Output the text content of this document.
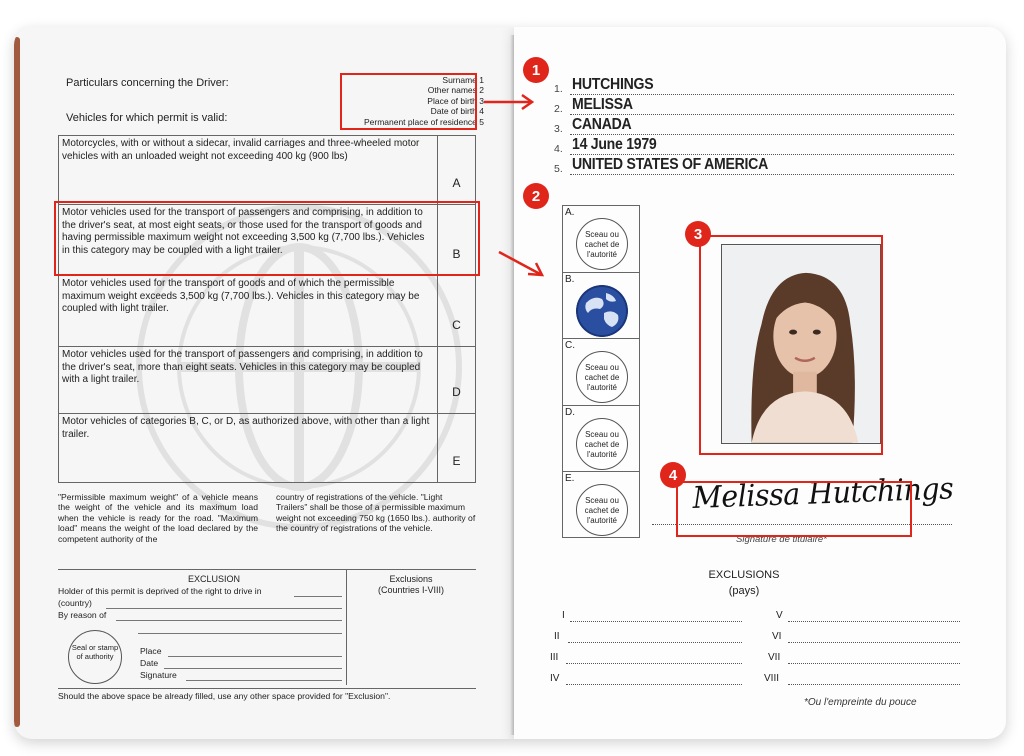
Particulars concerning the Driver:
Vehicles for which permit is valid:
Surname 1
Other names 2
Place of birth 3
Date of birth 4
Permanent place of residence 5
Motorcycles, with or without a sidecar, invalid carriages and three-wheeled motor vehicles with an unloaded weight not exceeding 400 kg (900 lbs)
A
Motor vehicles used for the transport of passengers and comprising, in addition to the driver's seat, at most eight seats, or those used for the transport of goods and having permissible maximum weight not exceeding 3,500 kg (7,700 lbs.). Vehicles in this category may be coupled with a light trailer.	B
Motor vehicles used for the transport of goods and of which the permissible maximum weight exceeds 3,500 kg (7,700 lbs.). Vehicles in this category may be coupled with light trailer.
C
Motor vehicles used for the transport of passengers and comprising, in addition to the driver's seat, more than eight seats. Vehicles in this category may be coupled with a light trailer.
D
Motor vehicles of categories B, C, or D, as authorized above, with other than a light trailer.
E
"Permissible maximum weight" of a vehicle means the weight of the vehicle and its maximum load when the vehicle is ready for the road. "Maximum load" means the weight of the load declared by the competent authority of the
country of registrations of the vehicle. "Light Trailers" shall be those of a permissible maximum weight not exceeding 750 kg (1650 lbs.). authority of the country of registrations of the vehicle.
EXCLUSION	Exclusions
(Countries I-VIII)
Holder of this permit is deprived of the right to drive in
(country)
By reason of
Seal or stamp of authority
Place
Date
Signature
Should the above space be already filled, use any other space provided for "Exclusion".
1. HUTCHINGS
2. MELISSA
3. CANADA
4. 14 June 1979
5. UNITED STATES OF AMERICA
A.
Sceau ou cachet de l'autorité
B.
C.
Sceau ou cachet de l'autorité
D.
Sceau ou cachet de l'autorité
E.
Sceau ou cachet de l'autorité
Melissa Hutchings
Signature de titulaire*
EXCLUSIONS
(pays)
I
II
III
IV
V
VI
VII
VIII
*Ou l'empreinte du pouce
1
2
3
4
